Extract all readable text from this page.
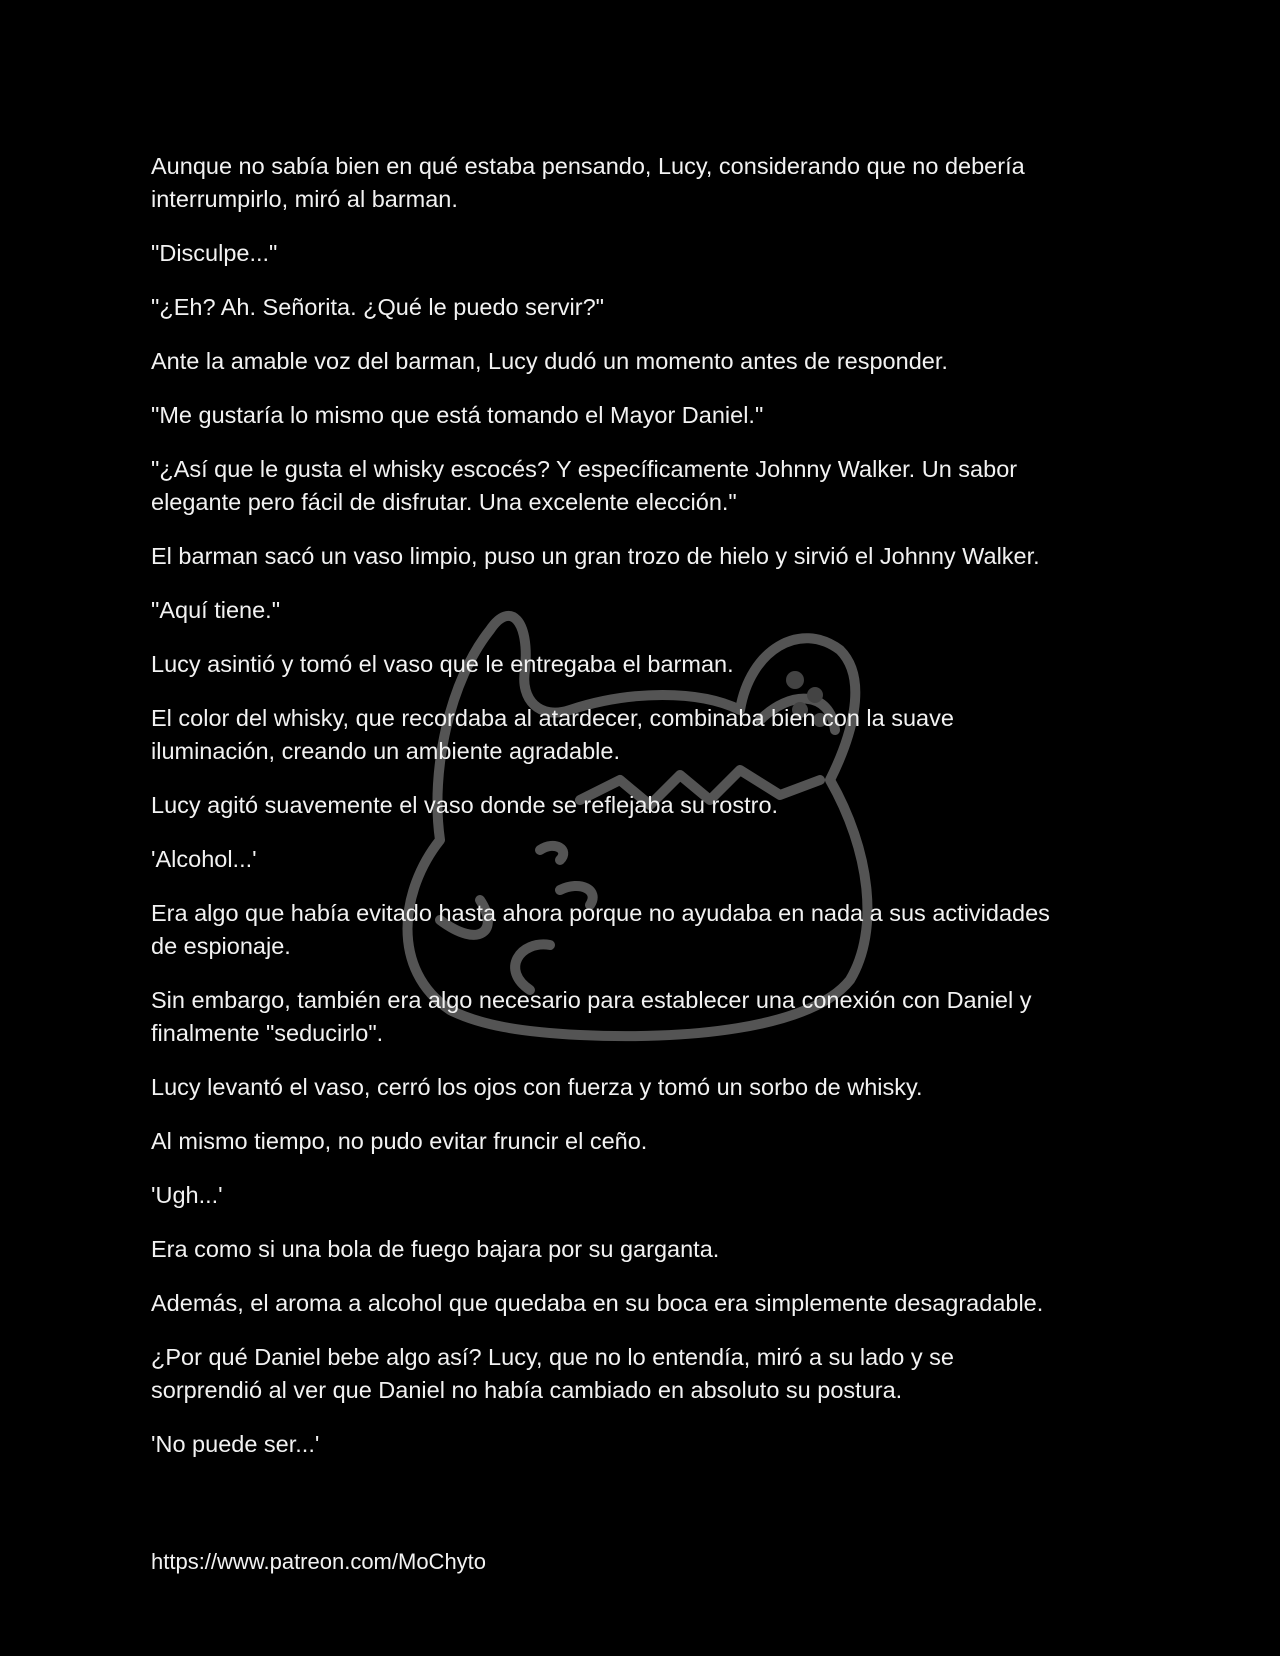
Aunque no sabía bien en qué estaba pensando, Lucy, considerando que no debería
interrumpirlo, miró al barman.

"Disculpe..."

"¿Eh? Ah. Señorita. ¿Qué le puedo servir?"

Ante la amable voz del barman, Lucy dudó un momento antes de responder.

"Me gustaría lo mismo que está tomando el Mayor Daniel."

"¿Así que le gusta el whisky escocés? Y específicamente Johnny Walker. Un sabor
elegante pero fácil de disfrutar. Una excelente elección."

El barman sacó un vaso limpio, puso un gran trozo de hielo y sirvió el Johnny Walker.

"Aquí tiene."

Lucy asintió y tomó el vaso que le entregaba el barman.

El color del whisky, que recordaba al atardecer, combinaba bien con la suave
iluminación, creando un ambiente agradable.

Lucy agitó suavemente el vaso donde se reflejaba su rostro.

'Alcohol...'

Era algo que había evitado hasta ahora porque no ayudaba en nada a sus actividades
de espionaje.

Sin embargo, también era algo necesario para establecer una conexión con Daniel y
finalmente "seducirlo".

Lucy levantó el vaso, cerró los ojos con fuerza y tomó un sorbo de whisky.

Al mismo tiempo, no pudo evitar fruncir el ceño.

'Ugh...'

Era como si una bola de fuego bajara por su garganta.

Además, el aroma a alcohol que quedaba en su boca era simplemente desagradable.

¿Por qué Daniel bebe algo así? Lucy, que no lo entendía, miró a su lado y se
sorprendió al ver que Daniel no había cambiado en absoluto su postura.

'No puede ser...'

https://www.patreon.com/MoChyto
